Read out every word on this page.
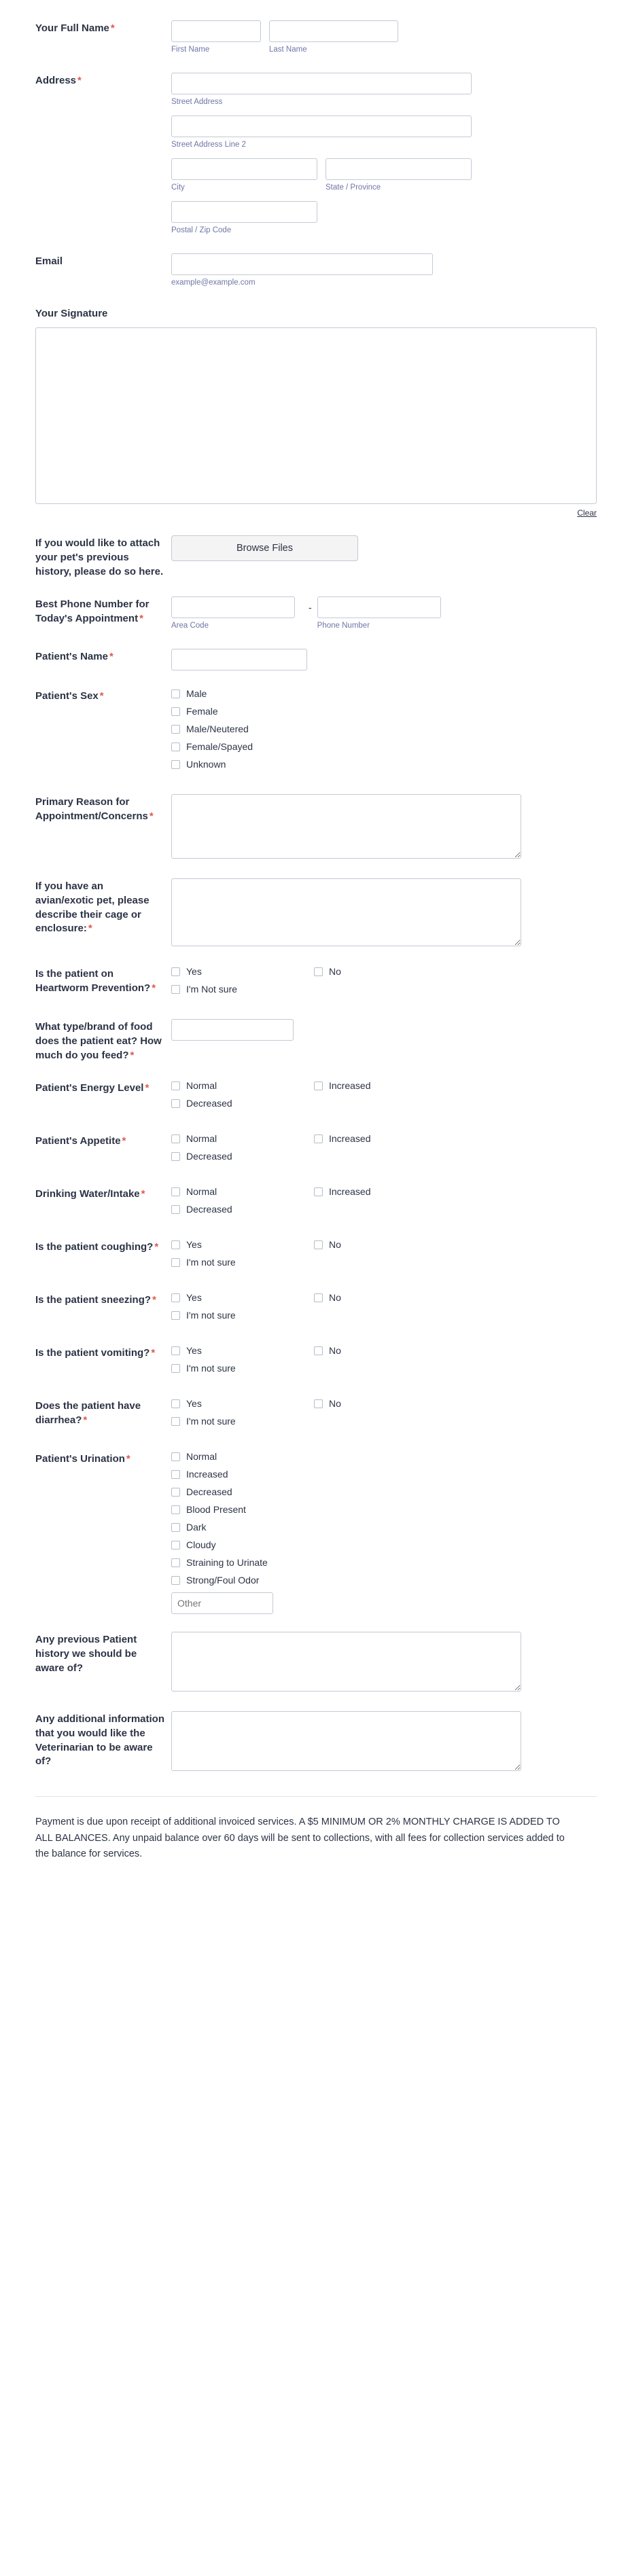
Your Full Name *
First Name	Last Name
Address *
Street Address
Street Address Line 2
City	State / Province
Postal / Zip Code
Email
example@example.com
Your Signature
Clear
If you would like to attach your pet's previous history, please do so here.
Browse Files
Best Phone Number for Today's Appointment *
Area Code
-
Phone Number
Patient's Name *
Patient's Sex *	Male
Female
Male/Neutered
Female/Spayed
Unknown
Primary Reason for Appointment/Concerns *
If you have an avian/exotic pet, please describe their cage or enclosure: *
Is the patient on Heartworm Prevention? *
Yes	No
I'm Not sure
What type/brand of food does the patient eat? How much do you feed? *
Patient's Energy Level *	Normal	Increased
Decreased
Patient's Appetite *	Normal	Increased
Decreased
Drinking Water/Intake *	Normal	Increased
Decreased
Is the patient coughing? *	Yes	No
I'm not sure
Is the patient sneezing? *	Yes	No
I'm not sure
Is the patient vomiting? *	Yes	No
I'm not sure
Does the patient have diarrhea? *
Yes	No
I'm not sure
Patient's Urination *	Normal
Increased
Decreased
Blood Present
Dark
Cloudy
Straining to Urinate
Strong/Foul Odor
Other
Any previous Patient history we should be aware of?
Any additional information that you would like the Veterinarian to be aware of?
Payment is due upon receipt of additional invoiced services. A $5 MINIMUM OR 2% MONTHLY CHARGE IS ADDED TO ALL BALANCES. Any unpaid balance over 60 days will be sent to collections, with all fees for collection services added to the balance for services.
